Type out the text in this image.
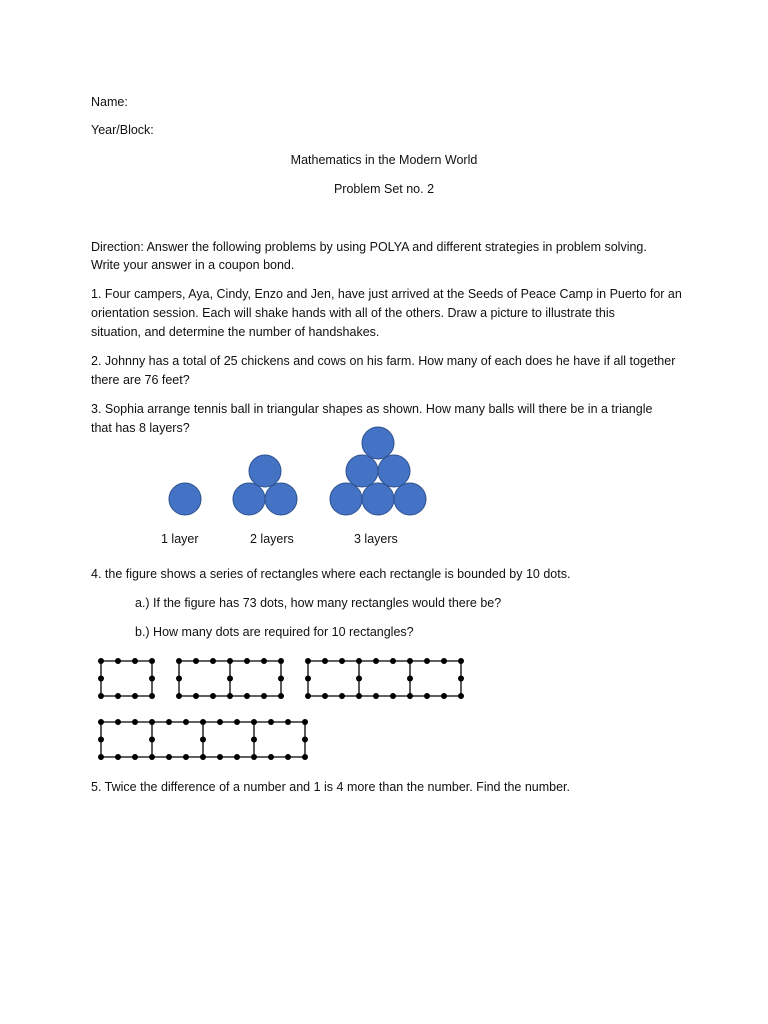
Name:
Year/Block:
Mathematics in the Modern World
Problem Set no. 2
Direction: Answer the following problems by using POLYA and different strategies in problem solving.
Write your answer in a coupon bond.
1. Four campers, Aya, Cindy, Enzo and Jen, have just arrived at the Seeds of Peace Camp in Puerto for an
orientation session. Each will shake hands with all of the others. Draw a picture to illustrate this
situation, and determine the number of handshakes.
2. Johnny has a total of 25 chickens and cows on his farm. How many of each does he have if all together
there are 76 feet?
3. Sophia arrange tennis ball in triangular shapes as shown. How many balls will there be in a triangle
that has 8 layers?
1 layer	2 layers	3 layers
4. the figure shows a series of rectangles where each rectangle is bounded by 10 dots.
a.) If the figure has 73 dots, how many rectangles would there be?
b.) How many dots are required for 10 rectangles?
5. Twice the difference of a number and 1 is 4 more than the number. Find the number.
